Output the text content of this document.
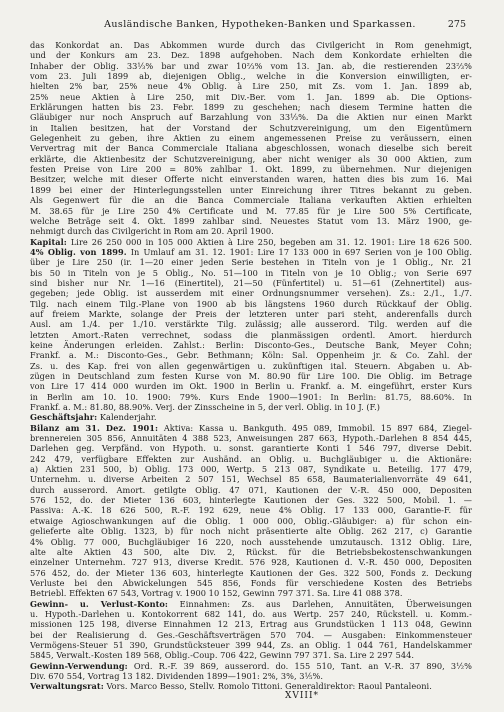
Ausländische Banken, Hypotheken-Banken und Sparkassen.	275
das Konkordat an. Das Abkommen wurde durch das Civilgericht in Rom genehmigt,
und der Konkurs am 23. Dez. 1898 aufgehoben. Nach dem Konkordate erhielten die
Inhaber der Oblig. 33⅓% bar und zwar 10⅔% vom 13. Jan. ab, die restierenden 23⅔%
vom 23. Juli 1899 ab, diejenigen Oblig., welche in die Konversion einwilligten, er-
hielten 2% bar, 25% neue 4% Oblig. à Lire 250, mit Zs. vom 1. Jan. 1899 ab,
25% neue Aktien à Lire 250, mit Div.-Ber. vom 1. Jan. 1899 ab. Die Options-
Erklärungen hatten bis 23. Febr. 1899 zu geschehen; nach diesem Termine hatten die
Gläubiger nur noch Anspruch auf Barzahlung von 33⅓%. Da die Aktien nur einen Markt
in Italien besitzen, hat der Vorstand der Schutzvereinigung, um den Eigentümern
Gelegenheit zu geben, ihre Aktien zu einem angemessenen Preise zu veräussern, einen
Ververtrag mit der Banca Commerciale Italiana abgeschlossen, wonach dieselbe sich bereit
erklärte, die Aktienbesitz der Schutzvereinigung, aber nicht weniger als 30 000 Aktien, zum
festen Preise von Lire 200 = 80% zahlbar 1. Okt. 1899, zu übernehmen. Nur diejenigen
Besitzer, welche mit dieser Offerte nicht einverstanden waren, hatten dies bis zum 16. Mai
1899 bei einer der Hinterlegungsstellen unter Einreichung ihrer Titres bekannt zu geben.
Als Gegenwert für die an die Banca Commerciale Italiana verkauften Aktien erhielten
M. 38.65 für je Lire 250 4% Certificate und M. 77.85 für je Lire 500 5% Certificate,
welche Beträge seit 4. Okt. 1899 zahlbar sind. Neuestes Statut vom 13. März 1900, ge-
nehmigt durch das Civilgericht in Rom am 20. April 1900.
Kapital: Lire 26 250 000 in 105 000 Aktien à Lire 250, begeben am 31. 12. 1901: Lire 18 626 500.
4% Oblig. von 1899. In Umlauf am 31. 12. 1901: Lire 17 133 000 in 697 Serien von je 100 Oblig.
über je Lire 250 (ir. 1—20 einer jeden Serie bestehen in Titeln von je 1 Oblig., Nr. 21
bis 50 in Titeln von je 5 Oblig., No. 51—100 in Titeln von je 10 Oblig.; von Serie 697
sind bisher nur Nr. 1—16 (Einertitel), 21—50 (Fünfertitel) u. 51—61 (Zehnertitel) aus-
gegeben; jede Oblig. ist ausserdem mit einer Ordnungsnummer versehen). Zs.: 2./1., 1./7.
Tilg. nach einem Tilg.-Plane von 1900 ab bis längstens 1960 durch Rückkauf der Oblig.
auf freiem Markte, solange der Preis der letzteren unter pari steht, anderenfalls durch
Ausl. am 1./4. per 1./10. verstärkte Tilg. zulässig; alle ausserord. Tilg. werden auf die
letzten Amort.-Raten verrechnet, sodass die planmässigen ordentl. Amort. hierdurch
keine Änderungen erleiden. Zahlst.: Berlin: Disconto-Ges., Deutsche Bank, Meyer Cohn;
Frankf. a. M.: Disconto-Ges., Gebr. Bethmann; Köln: Sal. Oppenheim jr. & Co. Zahl. der
Zs. u. des Kap. frei von allen gegenwärtigen u. zukünftigen ital. Steuern. Abgaben u. Ab-
zügen in Deutschland zum festen Kurse von M. 80.90 für Lire 100. Die Oblig. im Betrage
von Lire 17 414 000 wurden im Okt. 1900 in Berlin u. Frankf. a. M. eingeführt, erster Kurs
in Berlin am 10. 10. 1900: 79%. Kurs Ende 1900—1901: In Berlin: 81.75, 88.60%. In
Frankf. a. M.: 81.80, 88.90%. Verj. der Zinsscheine in 5, der verl. Oblig. in 10 J. (F.)
Geschäftsjahr: Kalenderjahr.
Bilanz am 31. Dez. 1901: Aktiva: Kassa u. Bankguth. 495 089, Immobil. 15 897 684, Ziegel-
brennereien 305 856, Annuitäten 4 388 523, Anweisungen 287 663, Hypoth.-Darlehen 8 854 445,
Darlehen geg. Verpfänd. von Hypoth. u. sonst. garantierte Konti 1 546 797, diverse Debit.
242 479, verfügbare Effekten zur Aushänd. an Oblig. u. Buchgläubiger u. die Aktionäre:
a) Aktien 231 500, b) Oblig. 173 000, Wertp. 5 213 087, Syndikate u. Beteilig. 177 479,
Unternehm. u. diverse Arbeiten 2 507 151, Wechsel 85 658, Baumaterialienvorräte 49 641,
durch ausserord. Amort. getilgte Oblig. 47 071, Kautionen der V.-R. 450 000, Depositen
576 152, do. der Mieter 136 603, hinterlegte Kautionen der Ges. 322 500, Mobil. 1. —
Passiva: A.-K. 18 626 500, R.-F. 192 629, neue 4% Oblig. 17 133 000, Garantie-F. für
etwaige Agioschwankungen auf die Oblig. 1 000 000, Oblig.-Gläubiger: a) für schon ein-
gelieferte alte Oblig. 1323, b) für noch nicht präsentierte alte Oblig. 262 217, c) Garantie
4% Oblig. 77 000, Buchgläubiger 16 220, noch ausstehende umzutausch. 1312 Oblig. Lire,
alte alte Aktien 43 500, alte Div. 2, Rückst. für die Betriebsbekostenschwankungen
einzelner Unternehm. 727 913, diverse Kredit. 576 928, Kautionen d. V.-R. 450 000, Depositen
576 452, do. der Mieter 136 603, hinterlegte Kautionen der Ges. 322 500, Fonds z. Deckung
Verluste bei den Abwickelungen 545 856, Fonds für verschiedene Kosten des Betriebs
Betriebl. Effekten 67 543, Vortrag v. 1900 10 152, Gewinn 797 371. Sa. Lire 41 088 378.
Gewinn- u. Verlust-Konto: Einnahmen: Zs. aus Darlehen, Annuitäten, Überweisungen
u. Hypoth.-Darlehen u. Kontokorrent 682 141, do. aus Wertp. 257 240, Rückstell. u. Komm.-
missionen 125 198, diverse Einnahmen 12 213, Ertrag aus Grundstücken 1 113 048, Gewinn
bei der Realisierung d. Ges.-Geschäftsverträgen 570 704. — Ausgaben: Einkommensteuer
Vermögens-Steuer 51 390, Grundstücksteuer 399 944, Zs. an Oblig. 1 044 761, Handelskammer
5845, Verwalt.-Kosten 189 568, Oblig.-Coup. 706 422, Gewinn 797 371. Sa. Lire 2 297 544.
Gewinn-Verwendung: Ord. R.-F. 39 869, ausserord. do. 155 510, Tant. an V.-R. 37 890, 3½%
Div. 670 554, Vortrag 13 182. Dividenden 1899—1901: 2%, 3%, 3⅕%.
Verwaltungsrat: Vors. Marco Besso, Stellv. Romolo Tittoni. Generaldirektor: Raoul Pantaleoni.
XVIII*
